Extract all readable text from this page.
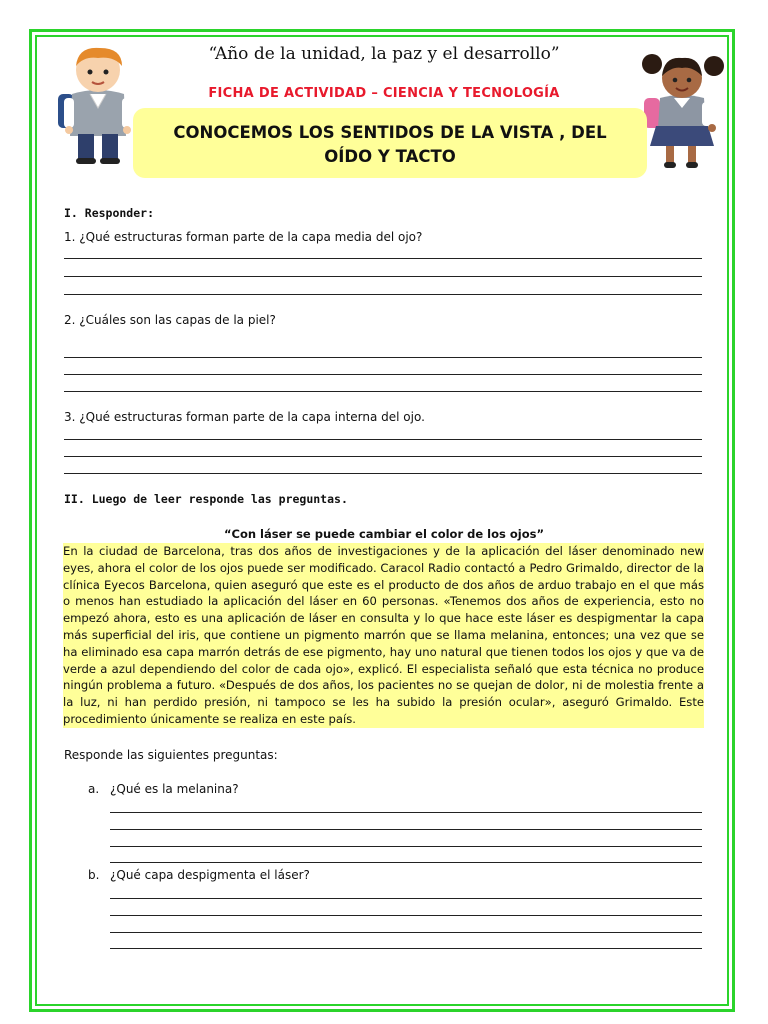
“Año de la unidad, la paz y el desarrollo”
FICHA DE ACTIVIDAD – CIENCIA Y TECNOLOGÍA
CONOCEMOS LOS SENTIDOS DE LA VISTA , DEL
OÍDO Y TACTO
I. Responder:
1. ¿Qué estructuras forman parte de la capa media del ojo?
2. ¿Cuáles son las capas de la piel?
3. ¿Qué estructuras forman parte de la capa interna del ojo.
II. Luego de leer responde las preguntas.
“Con láser se puede cambiar el color de los ojos”

En la ciudad de Barcelona, tras dos años de investigaciones y de la aplicación del láser denominado new eyes, ahora el color de los ojos puede ser modificado. Caracol Radio contactó a Pedro Grimaldo, director de la clínica Eyecos Barcelona, quien aseguró que este es el producto de dos años de arduo trabajo en el que más o menos han estudiado la aplicación del láser en 60 personas. «Tenemos dos años de experiencia, esto no empezó ahora, esto es una aplicación de láser en consulta y lo que hace este láser es despigmentar la capa más superficial del iris, que contiene un pigmento marrón que se llama melanina, entonces; una vez que se ha eliminado esa capa marrón detrás de ese pigmento, hay uno natural que tienen todos los ojos y que va de verde a azul dependiendo del color de cada ojo», explicó. El especialista señaló que esta técnica no produce ningún problema a futuro. «Después de dos años, los pacientes no se quejan de dolor, ni de molestia frente a la luz, ni han perdido presión, ni tampoco se les ha subido la presión ocular», aseguró Grimaldo. Este procedimiento únicamente se realiza en este país.

Responde las siguientes preguntas:
a. ¿Qué es la melanina?
b. ¿Qué capa despigmenta el láser?
